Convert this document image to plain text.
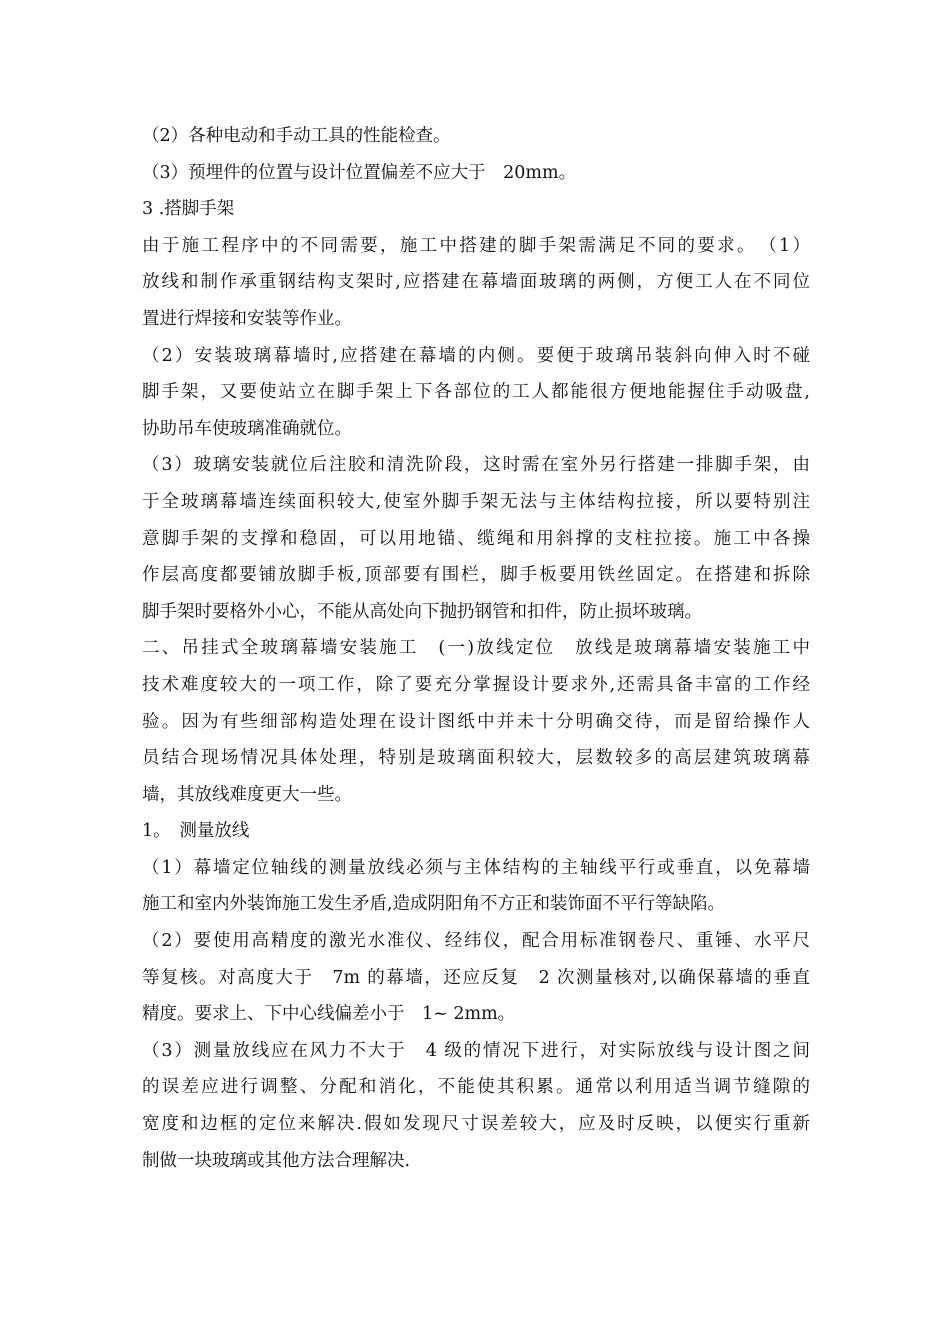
（2）各种电动和手动工具的性能检查。
（3）预埋件的位置与设计位置偏差不应大于　20mm。
3 .搭脚手架
由于施工程序中的不同需要，施工中搭建的脚手架需满足不同的要求。　（1）
放线和制作承重钢结构支架时,应搭建在幕墙面玻璃的两侧，方便工人在不同位
置进行焊接和安装等作业。
（2）安装玻璃幕墙时,应搭建在幕墙的内侧。要便于玻璃吊装斜向伸入时不碰
脚手架，又要使站立在脚手架上下各部位的工人都能很方便地能握住手动吸盘,
协助吊车使玻璃准确就位。
（3）玻璃安装就位后注胶和清洗阶段，这时需在室外另行搭建一排脚手架，由
于全玻璃幕墙连续面积较大,使室外脚手架无法与主体结构拉接，所以要特别注
意脚手架的支撑和稳固，可以用地锚、缆绳和用斜撑的支柱拉接。施工中各操
作层高度都要铺放脚手板,顶部要有围栏，脚手板要用铁丝固定。在搭建和拆除
脚手架时要格外小心，不能从高处向下抛扔钢管和扣件，防止损坏玻璃。
二、吊挂式全玻璃幕墙安装施工　(一)放线定位　放线是玻璃幕墙安装施工中
技术难度较大的一项工作，除了要充分掌握设计要求外,还需具备丰富的工作经
验。因为有些细部构造处理在设计图纸中并未十分明确交待，而是留给操作人
员结合现场情况具体处理，特别是玻璃面积较大，层数较多的高层建筑玻璃幕
墙，其放线难度更大一些。
1。　测量放线
（1）幕墙定位轴线的测量放线必须与主体结构的主轴线平行或垂直，以免幕墙
施工和室内外装饰施工发生矛盾,造成阴阳角不方正和装饰面不平行等缺陷。
（2）要使用高精度的激光水准仪、经纬仪，配合用标准钢卷尺、重锤、水平尺
等复核。对高度大于　7m 的幕墙，还应反复　2 次测量核对,以确保幕墙的垂直
精度。要求上、下中心线偏差小于　1~ 2mm。
（3）测量放线应在风力不大于　4 级的情况下进行，对实际放线与设计图之间
的误差应进行调整、分配和消化，不能使其积累。通常以利用适当调节缝隙的
宽度和边框的定位来解决.假如发现尺寸误差较大，应及时反映，以便实行重新
制做一块玻璃或其他方法合理解决.
